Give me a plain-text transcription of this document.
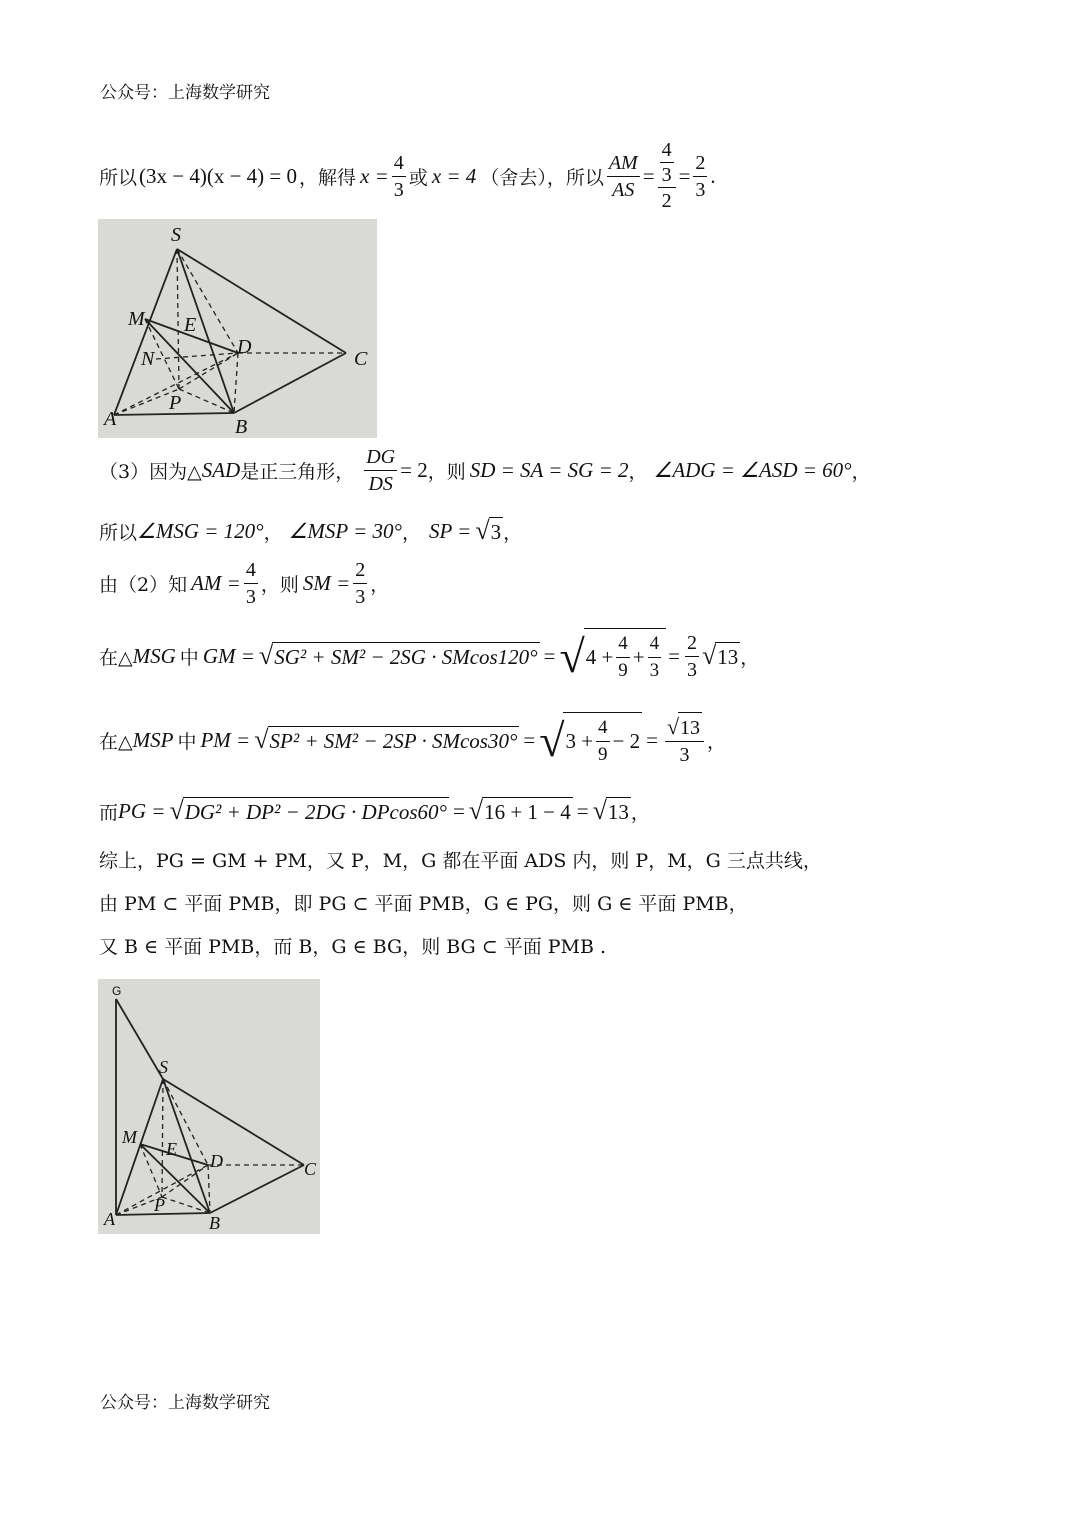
公众号：上海数学研究
所以 (3x − 4)(x − 4) = 0 ，解得 $x = \frac{4}{3}$ 或 x = 4 （舍去），所以 $\frac{AM}{AS} = 4$
3
$2 = \frac{2}{3}$ .
S
M E
N
D
C
P
A	B
（3）因为△ SAD 是正三角形， $\frac{DG}{DS} = 2$ ，则 SD = SA = SG = 2 ， ∠ADG = ∠ASD = 60° ，
所以 ∠MSG = 120° ， ∠MSP = 30° ， SP = √ 3 ，
由（2）知 AM = $\frac{4}{3}$ ，则 SM = $\frac{2}{3}$ ，
在△ MSG 中 GM = √ SG² + SM² − 2SG · SMcos120° = √ $4 + \frac{4}{9} + \frac{4}{3} = \frac{2}{3}$ √ 13 ，
在△ MSP 中 PM = √ SP² + SM² − 2SP · SMcos30° = √ $3 + \frac{4}{9} - 2 = \frac{√ 13}{3}$ ，
而 PG = √ DG² + DP² − 2DG · DPcos60° = √ 16 + 1 − 4 = √ 13 ，
综上，PG = GM + PM，又 P，M，G 都在平面 ADS 内，则 P，M，G 三点共线，
由 PM ⊂ 平面 PMB，即 PG ⊂ 平面 PMB，G ∈ PG，则 G ∈ 平面 PMB，
又 B ∈ 平面 PMB，而 B，G ∈ BG，则 BG ⊂ 平面 PMB .
G
S
M
E
D	C
P
A	B
公众号：上海数学研究
